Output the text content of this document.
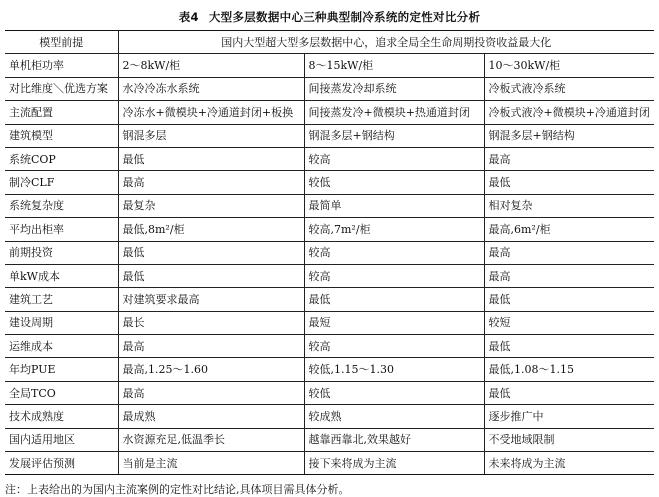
表4 大型多层数据中心三种典型制冷系统的定性对比分析
模型前提	国内大型超大型多层数据中心，追求全局全生命周期投资收益最大化		
单机柜功率	2～8kW/柜	8～15kW/柜	10～30kW/柜
对比维度＼优选方案	水冷冷冻水系统	间接蒸发冷却系统	冷板式液冷系统
主流配置	冷冻水+微模块+冷通道封闭+板换	间接蒸发冷+微模块+热通道封闭	冷板式液冷+微模块+冷通道封闭
建筑模型	钢混多层	钢混多层+钢结构	钢混多层+钢结构
系统COP	最低	较高	最高
制冷CLF	最高	较低	最低
系统复杂度	最复杂	最简单	相对复杂
平均出柜率	最低,8m²/柜	较高,7m²/柜	最高,6m²/柜
前期投资	最低	较高	最高
单kW成本	最低	较高	最高
建筑工艺	对建筑要求最高	最低	最低
建设周期	最长	最短	较短
运维成本	最高	较高	最低
年均PUE	最高,1.25～1.60	较低,1.15～1.30	最低,1.08～1.15
全局TCO	最高	较低	最低
技术成熟度	最成熟	较成熟	逐步推广中
国内适用地区	水资源充足,低温季长	越靠西靠北,效果越好	不受地域限制
发展评估预测	当前是主流	接下来将成为主流	未来将成为主流
注：上表给出的为国内主流案例的定性对比结论,具体项目需具体分析。
